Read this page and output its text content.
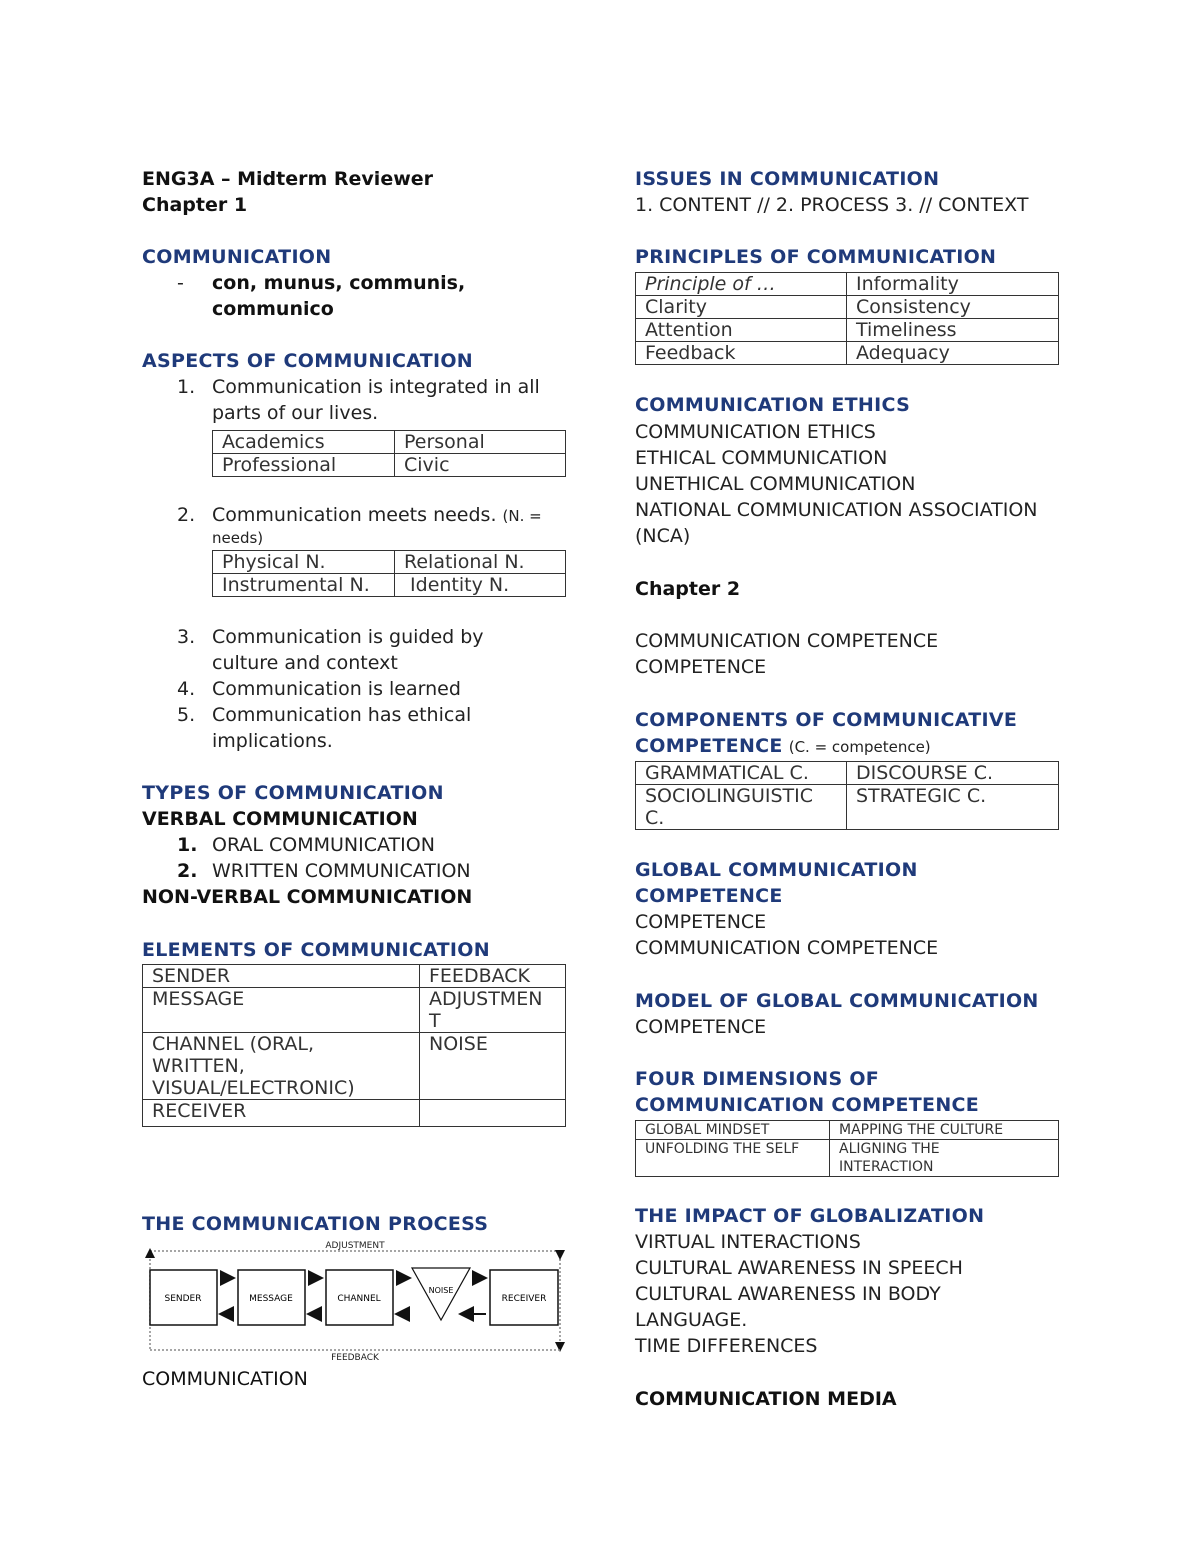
ENG3A – Midterm Reviewer
Chapter 1
COMMUNICATION
- con, munus, communis,
communico
ASPECTS OF COMMUNICATION
1. Communication is integrated in all
parts of our lives.
Academics	Personal
Professional	Civic
2. Communication meets needs. (N. =
needs)
Physical N.	Relational N.
Instrumental N.	Identity N.
3. Communication is guided by
culture and context
4. Communication is learned
5. Communication has ethical
implications.
TYPES OF COMMUNICATION
VERBAL COMMUNICATION
1. ORAL COMMUNICATION
2. WRITTEN COMMUNICATION
NON-VERBAL COMMUNICATION
ELEMENTS OF COMMUNICATION
SENDER	FEEDBACK
MESSAGE	ADJUSTMEN
T
CHANNEL (ORAL,
WRITTEN,
VISUAL/ELECTRONIC)	NOISE
RECEIVER	
THE COMMUNICATION PROCESS
ADJUSTMENT
FEEDBACK
SENDER	MESSAGE	CHANNEL
NOISE
RECEIVER
COMMUNICATION
ISSUES IN COMMUNICATION
1. CONTENT // 2. PROCESS 3. // CONTEXT
PRINCIPLES OF COMMUNICATION
Principle of …	Informality
Clarity	Consistency
Attention	Timeliness
Feedback	Adequacy
COMMUNICATION ETHICS
COMMUNICATION ETHICS
ETHICAL COMMUNICATION
UNETHICAL COMMUNICATION
NATIONAL COMMUNICATION ASSOCIATION
(NCA)
Chapter 2
COMMUNICATION COMPETENCE
COMPETENCE
COMPONENTS OF COMMUNICATIVE
COMPETENCE (C. = competence)
GRAMMATICAL C.	DISCOURSE C.
SOCIOLINGUISTIC
C.	STRATEGIC C.
GLOBAL COMMUNICATION
COMPETENCE
COMPETENCE
COMMUNICATION COMPETENCE
MODEL OF GLOBAL COMMUNICATION
COMPETENCE
FOUR DIMENSIONS OF
COMMUNICATION COMPETENCE
GLOBAL MINDSET	MAPPING THE CULTURE
UNFOLDING THE SELF	ALIGNING THE
INTERACTION
THE IMPACT OF GLOBALIZATION
VIRTUAL INTERACTIONS
CULTURAL AWARENESS IN SPEECH
CULTURAL AWARENESS IN BODY
LANGUAGE.
TIME DIFFERENCES
COMMUNICATION MEDIA
